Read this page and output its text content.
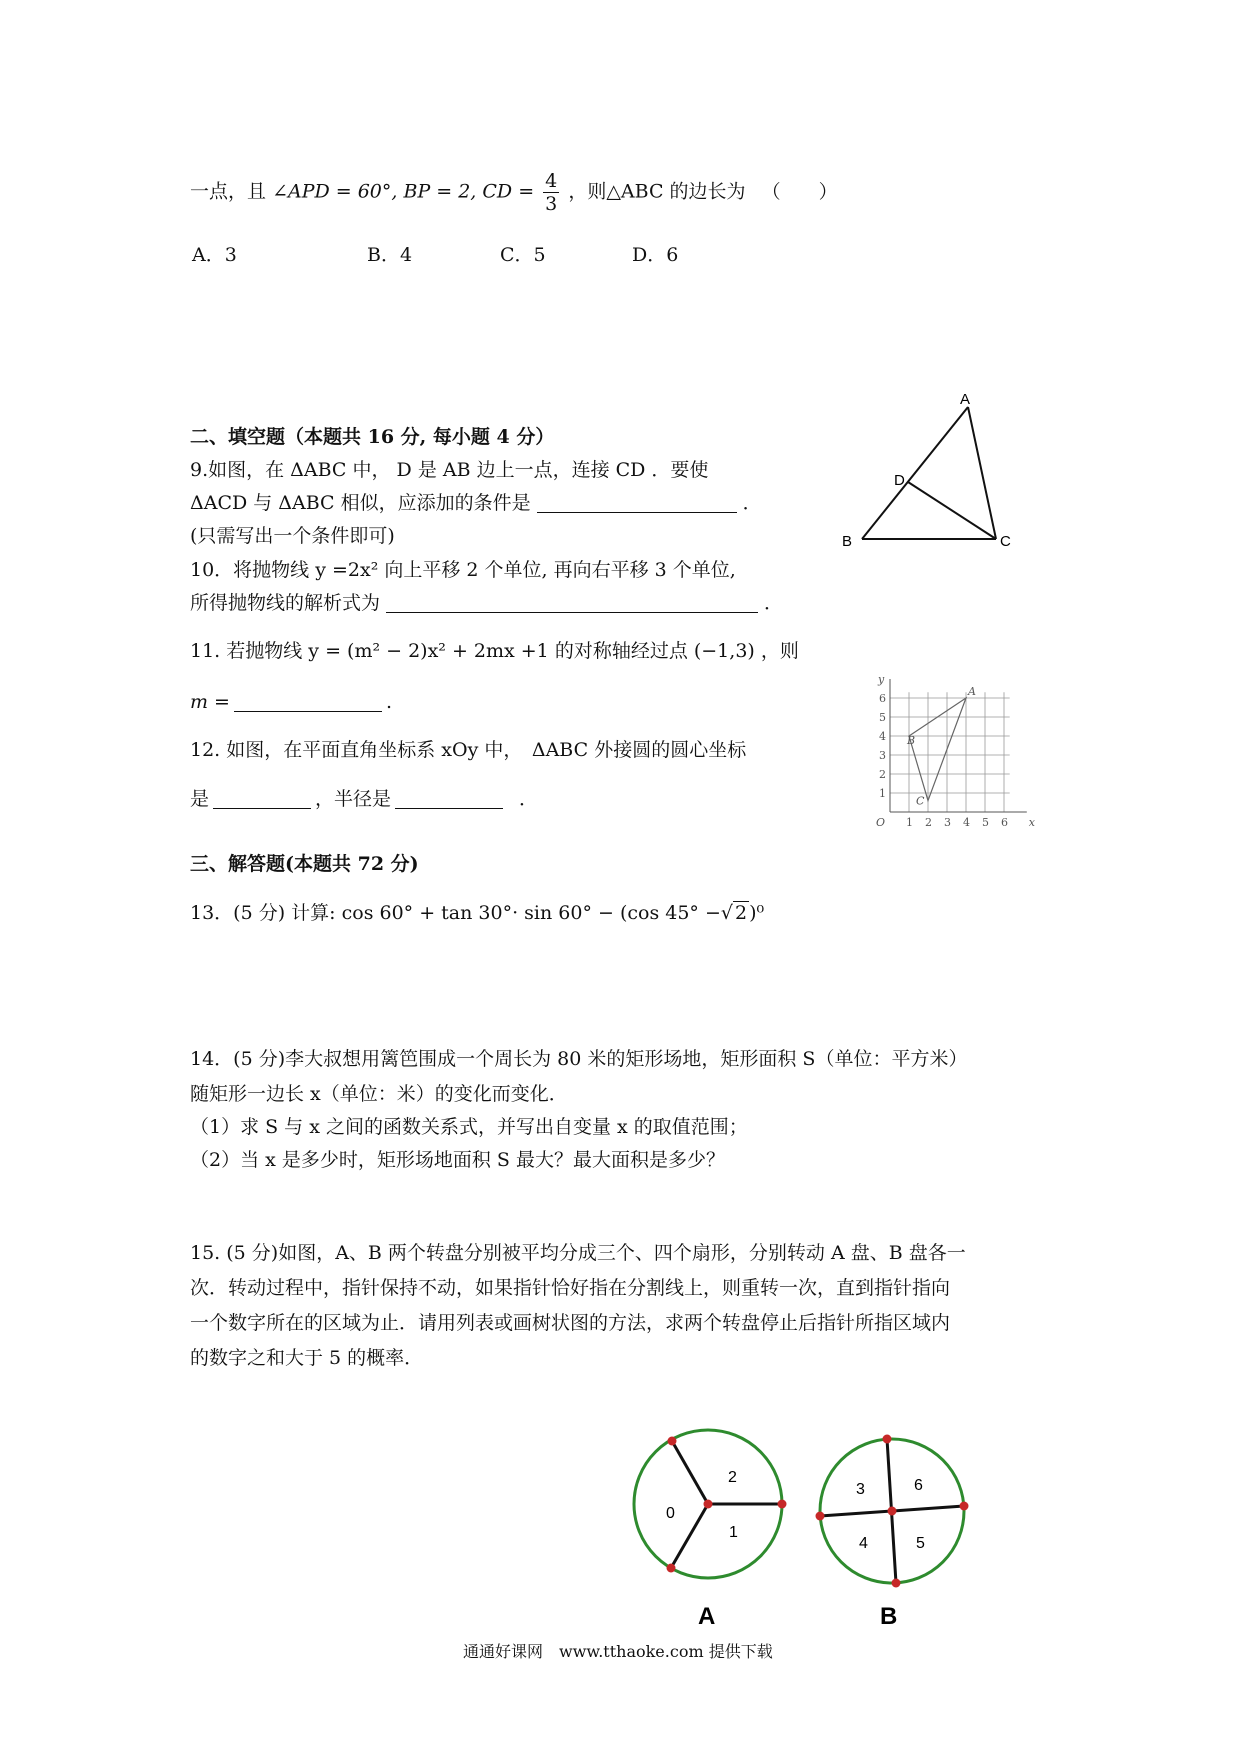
一点，且 ∠APD = 60°, BP = 2, CD = $\frac{4}{3}$ ，则△ABC 的边长为 （　　）
A．3	B．4	C．5	D．6
二、填空题（本题共 16 分, 每小题 4 分）
9.如图，在 ΔABC 中， D 是 AB 边上一点，连接 CD ．要使
ΔACD 与 ΔABC 相似，应添加的条件是	．
(只需写出一个条件即可)
A
D
B	C
10．将抛物线 y =2x² 向上平移 2 个单位, 再向右平移 3 个单位,
所得抛物线的解析式为	．
11. 若抛物线 y = (m² − 2)x² + 2mx +1 的对称轴经过点 (−1,3) ，则
m =	.
12. 如图，在平面直角坐标系 xOy 中，　ΔABC 外接圆的圆心坐标
是	，半径是	．
1 2 3 4 5 6
1
2
3
4
5
6
O	x
y
A
B
C
三、解答题(本题共 72 分)
13．(5 分) 计算: cos 60° + tan 30°· sin 60° − (cos 45° −√ 2 )⁰
14．(5 分)李大叔想用篱笆围成一个周长为 80 米的矩形场地，矩形面积 S（单位：平方米）
随矩形一边长 x（单位：米）的变化而变化．
（1）求 S 与 x 之间的函数关系式，并写出自变量 x 的取值范围；
（2）当 x 是多少时，矩形场地面积 S 最大？最大面积是多少？
15. (5 分)如图，A、B 两个转盘分别被平均分成三个、四个扇形，分别转动 A 盘、B 盘各一
次．转动过程中，指针保持不动，如果指针恰好指在分割线上，则重转一次，直到指针指向
一个数字所在的区域为止．请用列表或画树状图的方法，求两个转盘停止后指针所指区域内
的数字之和大于 5 的概率．
0
1
2
A
3
4	5
6
B
通通好课网　www.tthaoke.com 提供下载
